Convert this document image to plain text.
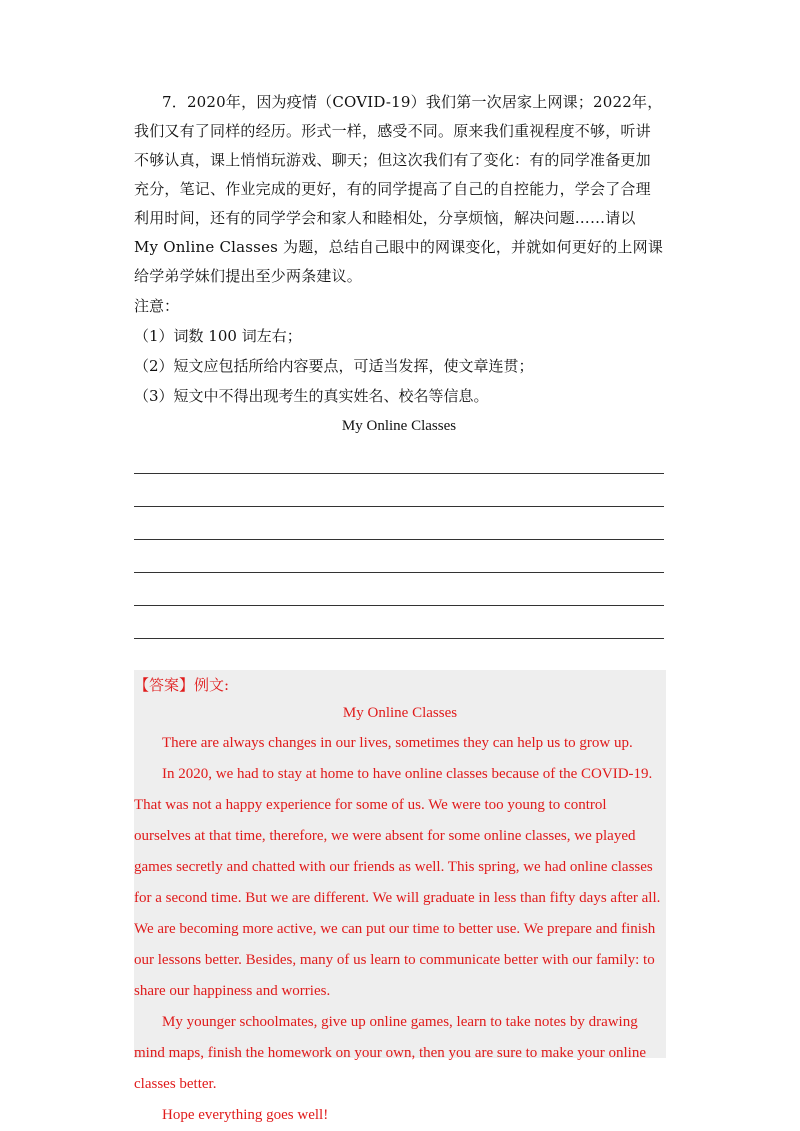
7．2020年，因为疫情（COVID-19）我们第一次居家上网课；2022年，我们又有了同样的经历。形式一样，感受不同。原来我们重视程度不够，听讲不够认真，课上悄悄玩游戏、聊天；但这次我们有了变化：有的同学准备更加充分，笔记、作业完成的更好，有的同学提高了自己的自控能力，学会了合理利用时间，还有的同学学会和家人和睦相处，分享烦恼，解决问题……请以 My Online Classes 为题，总结自己眼中的网课变化，并就如何更好的上网课给学弟学妹们提出至少两条建议。

注意：

（1）词数 100 词左右；

（2）短文应包括所给内容要点，可适当发挥，使文章连贯；

（3）短文中不得出现考生的真实姓名、校名等信息。

My Online Classes

【答案】例文:

My Online Classes

There are always changes in our lives, sometimes they can help us to grow up.

In 2020, we had to stay at home to have online classes because of the COVID-19. That was not a happy experience for some of us. We were too young to control ourselves at that time, therefore, we were absent for some online classes, we played games secretly and chatted with our friends as well. This spring, we had online classes for a second time. But we are different. We will graduate in less than fifty days after all. We are becoming more active, we can put our time to better use. We prepare and finish our lessons better. Besides, many of us learn to communicate better with our family: to share our happiness and worries.

My younger schoolmates, give up online games, learn to take notes by drawing mind maps, finish the homework on your own, then you are sure to make your online classes better.

Hope everything goes well!
